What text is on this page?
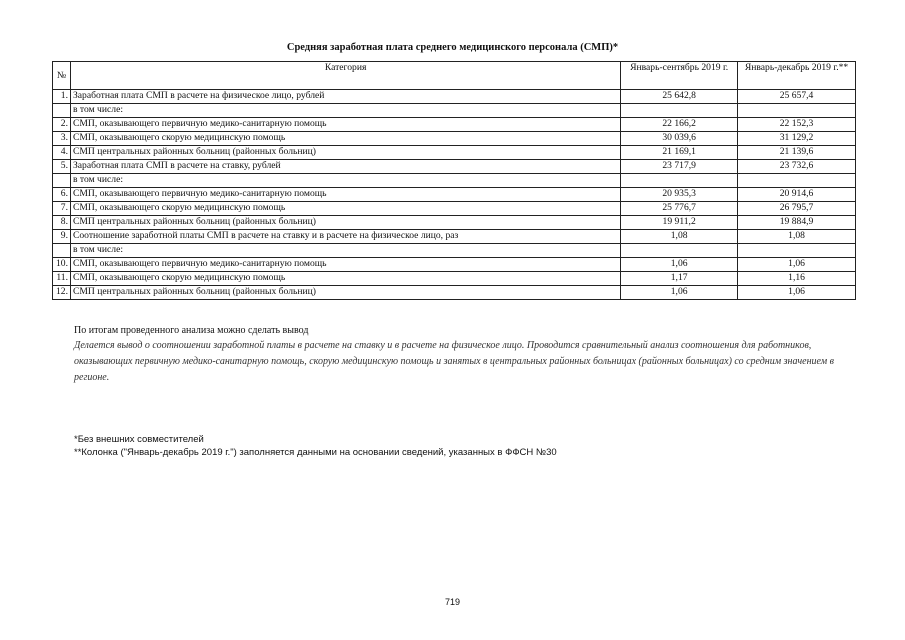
Средняя заработная плата среднего медицинского персонала (СМП)*
№	Категория	Январь-сентябрь 2019 г.	Январь-декабрь 2019 г.**
1.	Заработная плата СМП в расчете на физическое лицо, рублей	25 642,8	25 657,4
	в том числе:		
2.	СМП, оказывающего первичную медико-санитарную помощь	22 166,2	22 152,3
3.	СМП, оказывающего скорую медицинскую помощь	30 039,6	31 129,2
4.	СМП центральных районных больниц (районных больниц)	21 169,1	21 139,6
5.	Заработная плата СМП в расчете на ставку, рублей	23 717,9	23 732,6
	в том числе:		
6.	СМП, оказывающего первичную медико-санитарную помощь	20 935,3	20 914,6
7.	СМП, оказывающего скорую медицинскую помощь	25 776,7	26 795,7
8.	СМП центральных районных больниц (районных больниц)	19 911,2	19 884,9
9.	Соотношение заработной платы СМП в расчете на ставку и в расчете на физическое лицо, раз	1,08	1,08
	в том числе:		
10.	СМП, оказывающего первичную медико-санитарную помощь	1,06	1,06
11.	СМП, оказывающего скорую медицинскую помощь	1,17	1,16
12.	СМП центральных районных больниц (районных больниц)	1,06	1,06

По итогам проведенного анализа можно сделать вывод

Делается вывод о соотношении заработной платы в расчете на ставку и в расчете на физическое лицо. Проводится сравнительный анализ соотношения для работников, оказывающих первичную медико-санитарную помощь, скорую медицинскую помощь и занятых в центральных районных больницах (районных больницах) со средним значением в регионе.

*Без внешних совместителей
**Колонка ("Январь-декабрь 2019 г.") заполняется данными на основании сведений, указанных в ФФСН №30
719
